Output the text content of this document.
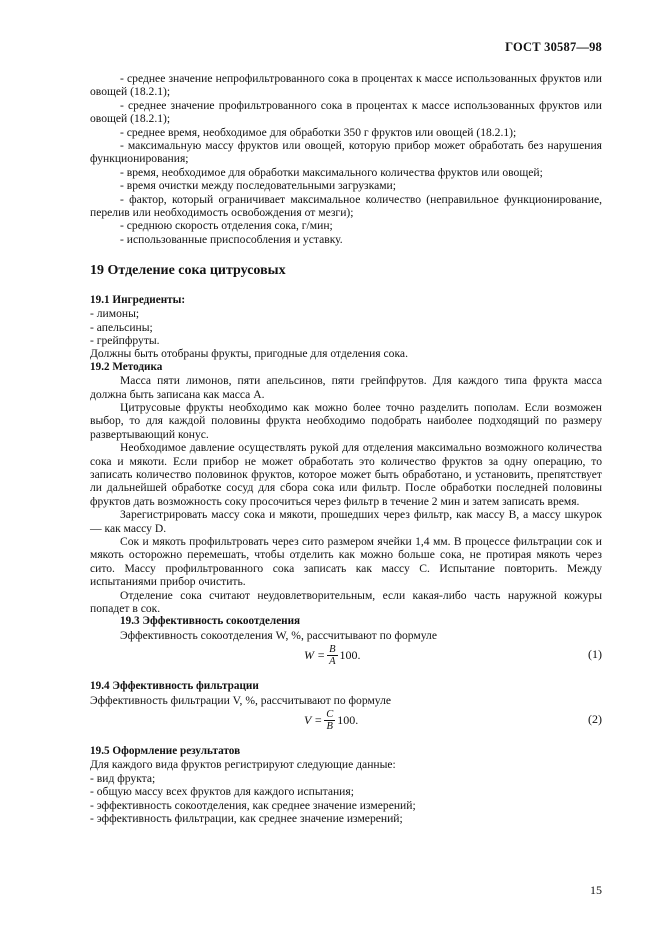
ГОСТ 30587—98

- среднее значение непрофильтрованного сока в процентах к массе использованных фруктов или овощей (18.2.1);

- среднее значение профильтрованного сока в процентах к массе использованных фруктов или овощей (18.2.1);

- среднее время, необходимое для обработки 350 г фруктов или овощей (18.2.1);

- максимальную массу фруктов или овощей, которую прибор может обработать без нарушения функционирования;

- время, необходимое для обработки максимального количества фруктов или овощей;

- время очистки между последовательными загрузками;

- фактор, который ограничивает максимальное количество (неправильное функционирование, перелив или необходимость освобождения от мезги);

- среднюю скорость отделения сока, г/мин;

- использованные приспособления и уставку.

19 Отделение сока цитрусовых

19.1 Ингредиенты:

- лимоны;

- апельсины;

- грейпфруты.

Должны быть отобраны фрукты, пригодные для отделения сока.

19.2 Методика

Масса пяти лимонов, пяти апельсинов, пяти грейпфрутов. Для каждого типа фрукта масса должна быть записана как масса A.

Цитрусовые фрукты необходимо как можно более точно разделить пополам. Если возможен выбор, то для каждой половины фрукта необходимо подобрать наиболее подходящий по размеру развертывающий конус.

Необходимое давление осуществлять рукой для отделения максимально возможного количества сока и мякоти. Если прибор не может обработать это количество фруктов за одну операцию, то записать количество половинок фруктов, которое может быть обработано, и установить, препятствует ли дальнейшей обработке сосуд для сбора сока или фильтр. После обработки последней половины фруктов дать возможность соку просочиться через фильтр в течение 2 мин и затем записать время.

Зарегистрировать массу сока и мякоти, прошедших через фильтр, как массу B, а массу шкурок — как массу D.

Сок и мякоть профильтровать через сито размером ячейки 1,4 мм. В процессе фильтрации сок и мякоть осторожно перемешать, чтобы отделить как можно больше сока, не протирая мякоть через сито. Массу профильтрованного сока записать как массу C. Испытание повторить. Между испытаниями прибор очистить.

Отделение сока считают неудовлетворительным, если какая-либо часть наружной кожуры попадет в сок.

19.3 Эффективность сокоотделения

Эффективность сокоотделения W, %, рассчитывают по формуле

$W = \frac{B}{A} 100$.	(1)

19.4 Эффективность фильтрации

Эффективность фильтрации V, %, рассчитывают по формуле

$V = \frac{C}{B} 100$.	(2)

19.5 Оформление результатов

Для каждого вида фруктов регистрируют следующие данные:

- вид фрукта;

- общую массу всех фруктов для каждого испытания;

- эффективность сокоотделения, как среднее значение измерений;

- эффективность фильтрации, как среднее значение измерений;

15
